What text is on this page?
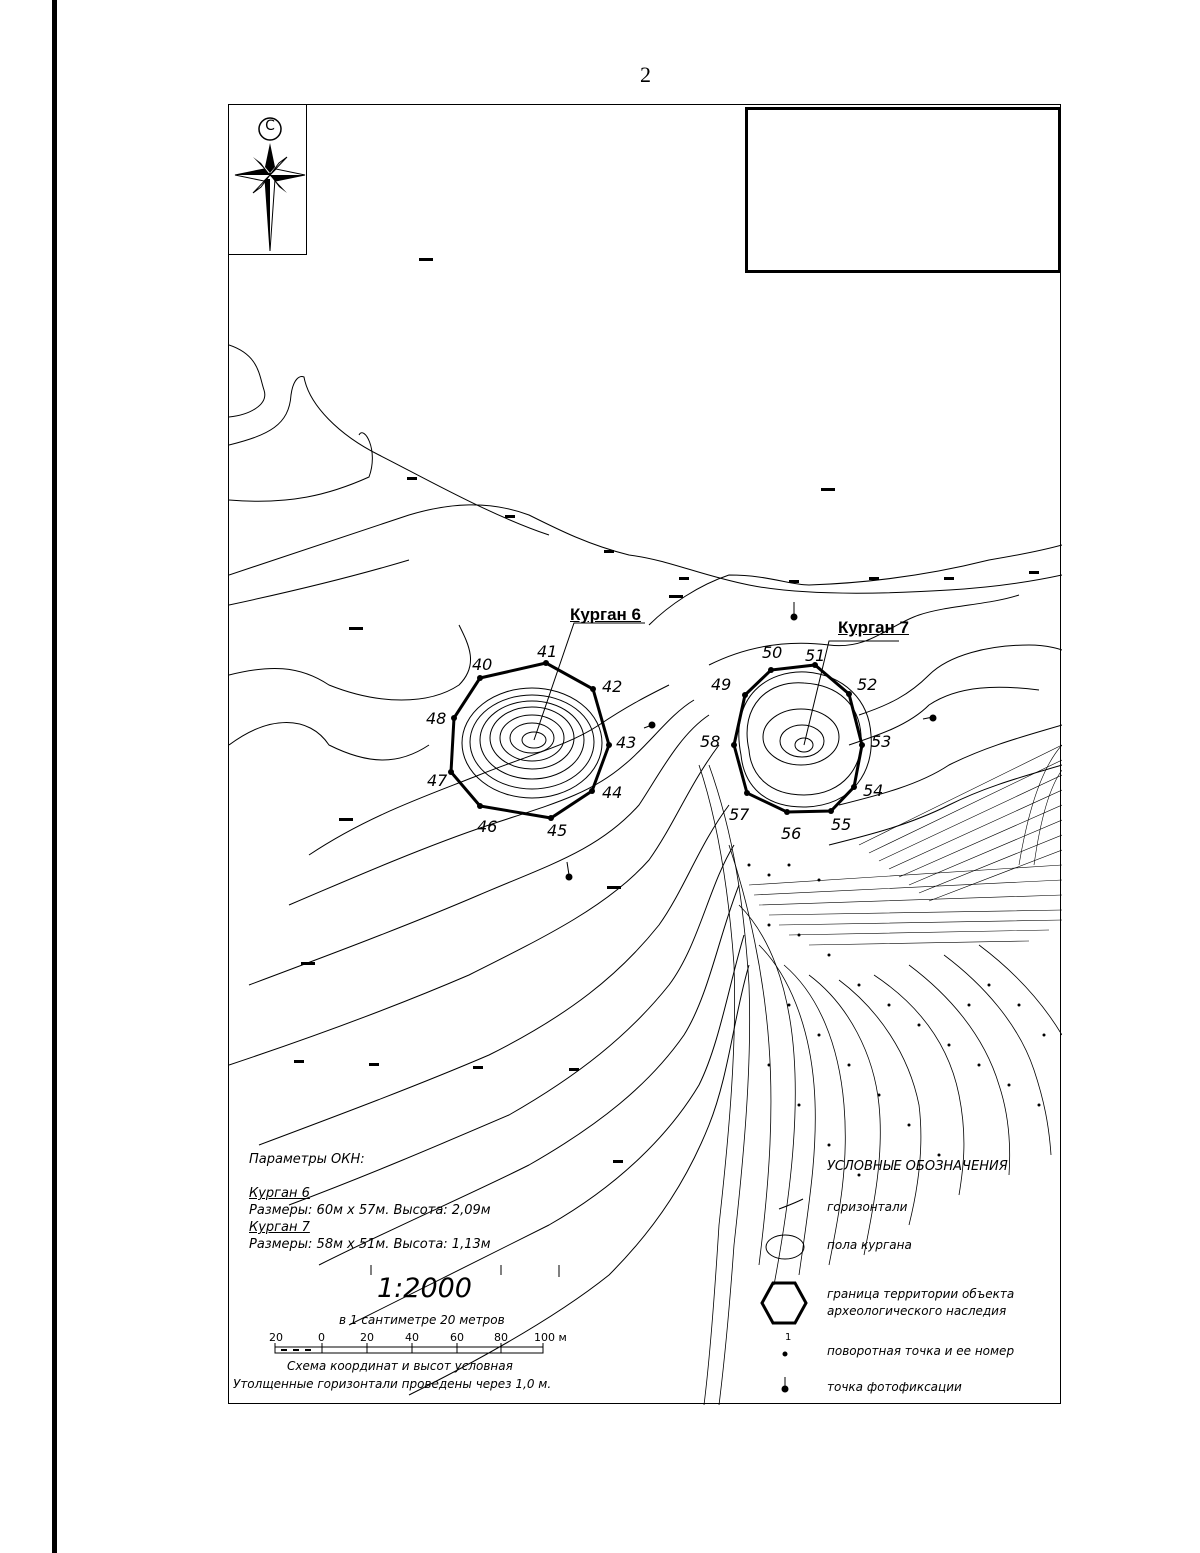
2
С
Курган 6
Курган 7
40
41
42
43
44
45
46
47
48
49
50 51
52
53
54
55
56
57
58
Параметры ОКН:
Курган 6
Размеры: 60м x 57м. Высота: 2,09м
Курган 7
Размеры: 58м x 51м. Высота: 1,13м
1:2000
в 1 сантиметре 20 метров
20	0	20	40	60	80 100 м
Схема координат и высот условная
Утолщенные горизонтали проведены через 1,0 м.
УСЛОВНЫЕ ОБОЗНАЧЕНИЯ
горизонтали
пола кургана
граница территории объекта археологического наследия
поворотная точка и ее номер
1
точка фотофиксации
